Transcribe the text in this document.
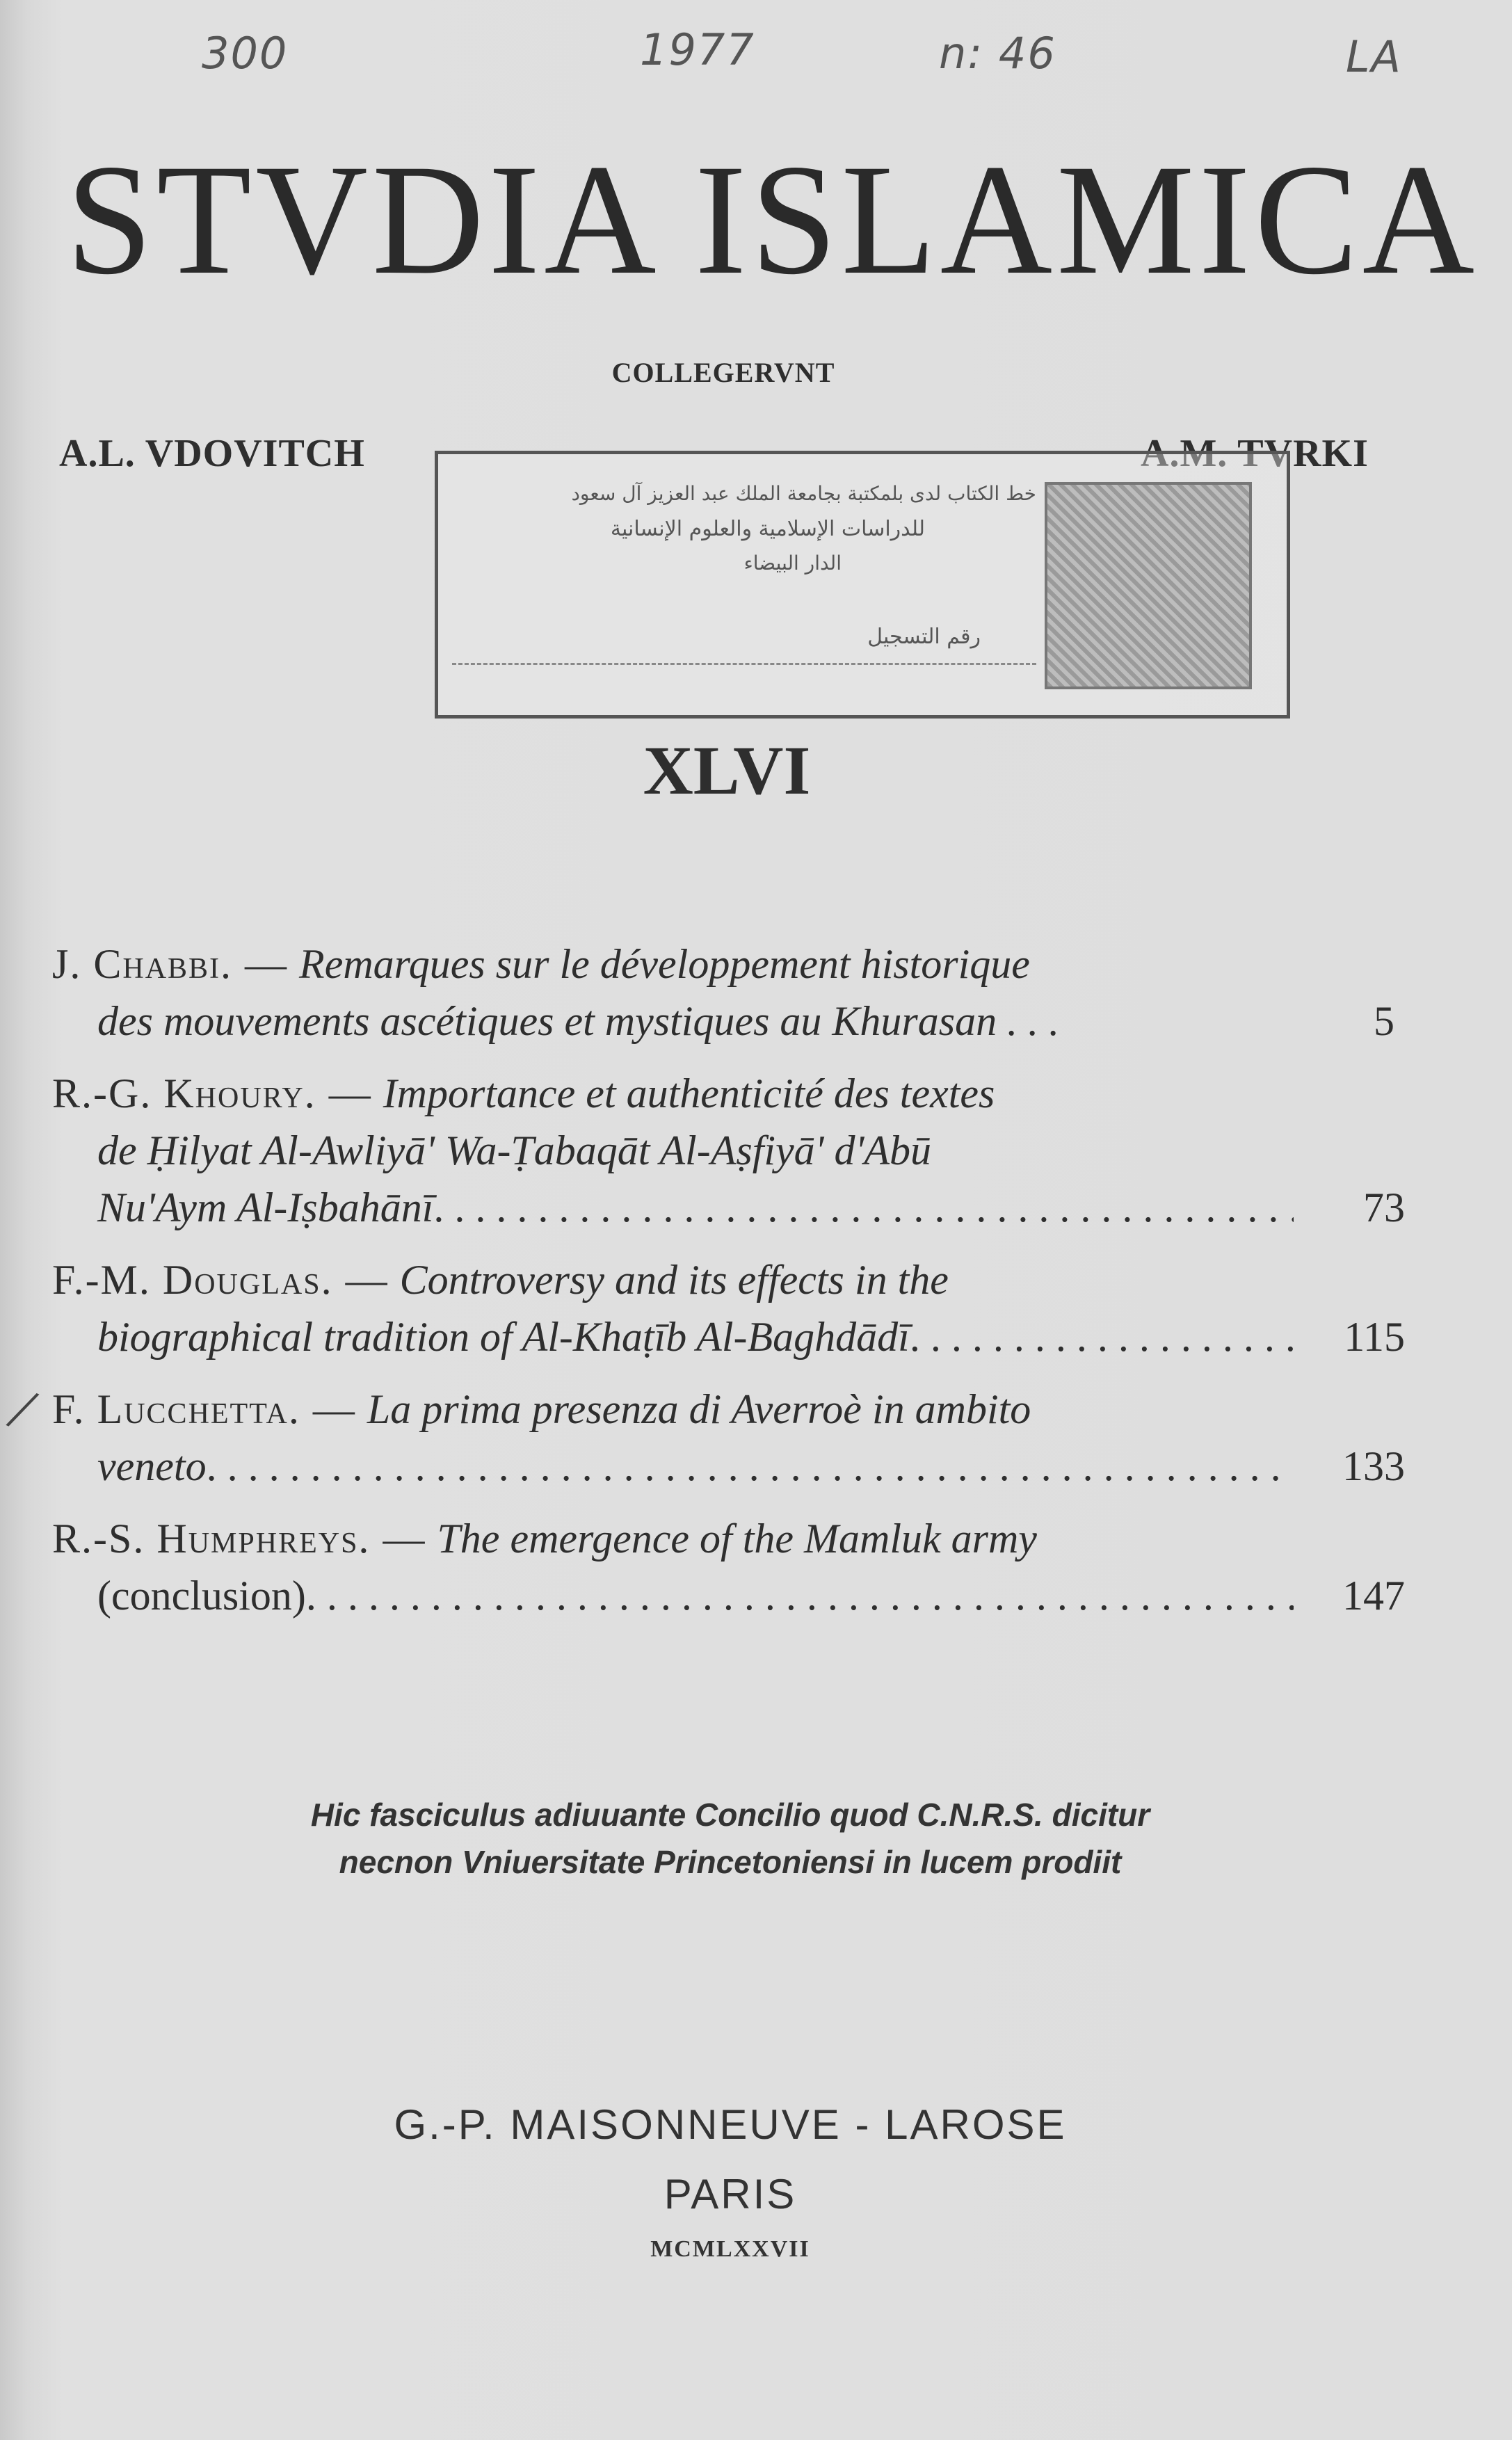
300	1977	n: 46	LA
STVDIA ISLAMICA
COLLEGERVNT
A.L. VDOVITCH	A.M. TVRKI
خط الكتاب لدى بلمكتبة بجامعة الملك عبد العزيز آل سعود
للدراسات الإسلامية والعلوم الإنسانية
الدار البيضاء
رقم التسجيل
XLVI
J. Chabbi. — Remarques sur le développement historique
des mouvements ascétiques et mystiques au Khurasan . . .	5
R.-G. Khoury. — Importance et authenticité des textes
de Ḥilyat Al-Awliyā' Wa-Ṭabaqāt Al-Aṣfiyā' d'Abū
Nu'Aym Al-Iṣbahānī . . .	73
F.-M. Douglas. — Controversy and its effects in the
biographical tradition of Al-Khaṭīb Al-Baghdādī . . .	115
F. Lucchetta. — La prima presenza di Averroè in ambito
veneto . . .	133
R.-S. Humphreys. — The emergence of the Mamluk army
(conclusion) . . .	147
/
Hic fasciculus adiuuante Concilio quod C.N.R.S. dicitur
necnon Vniuersitate Princetoniensi in lucem prodiit
G.-P. MAISONNEUVE - LAROSE
PARIS
MCMLXXVII
